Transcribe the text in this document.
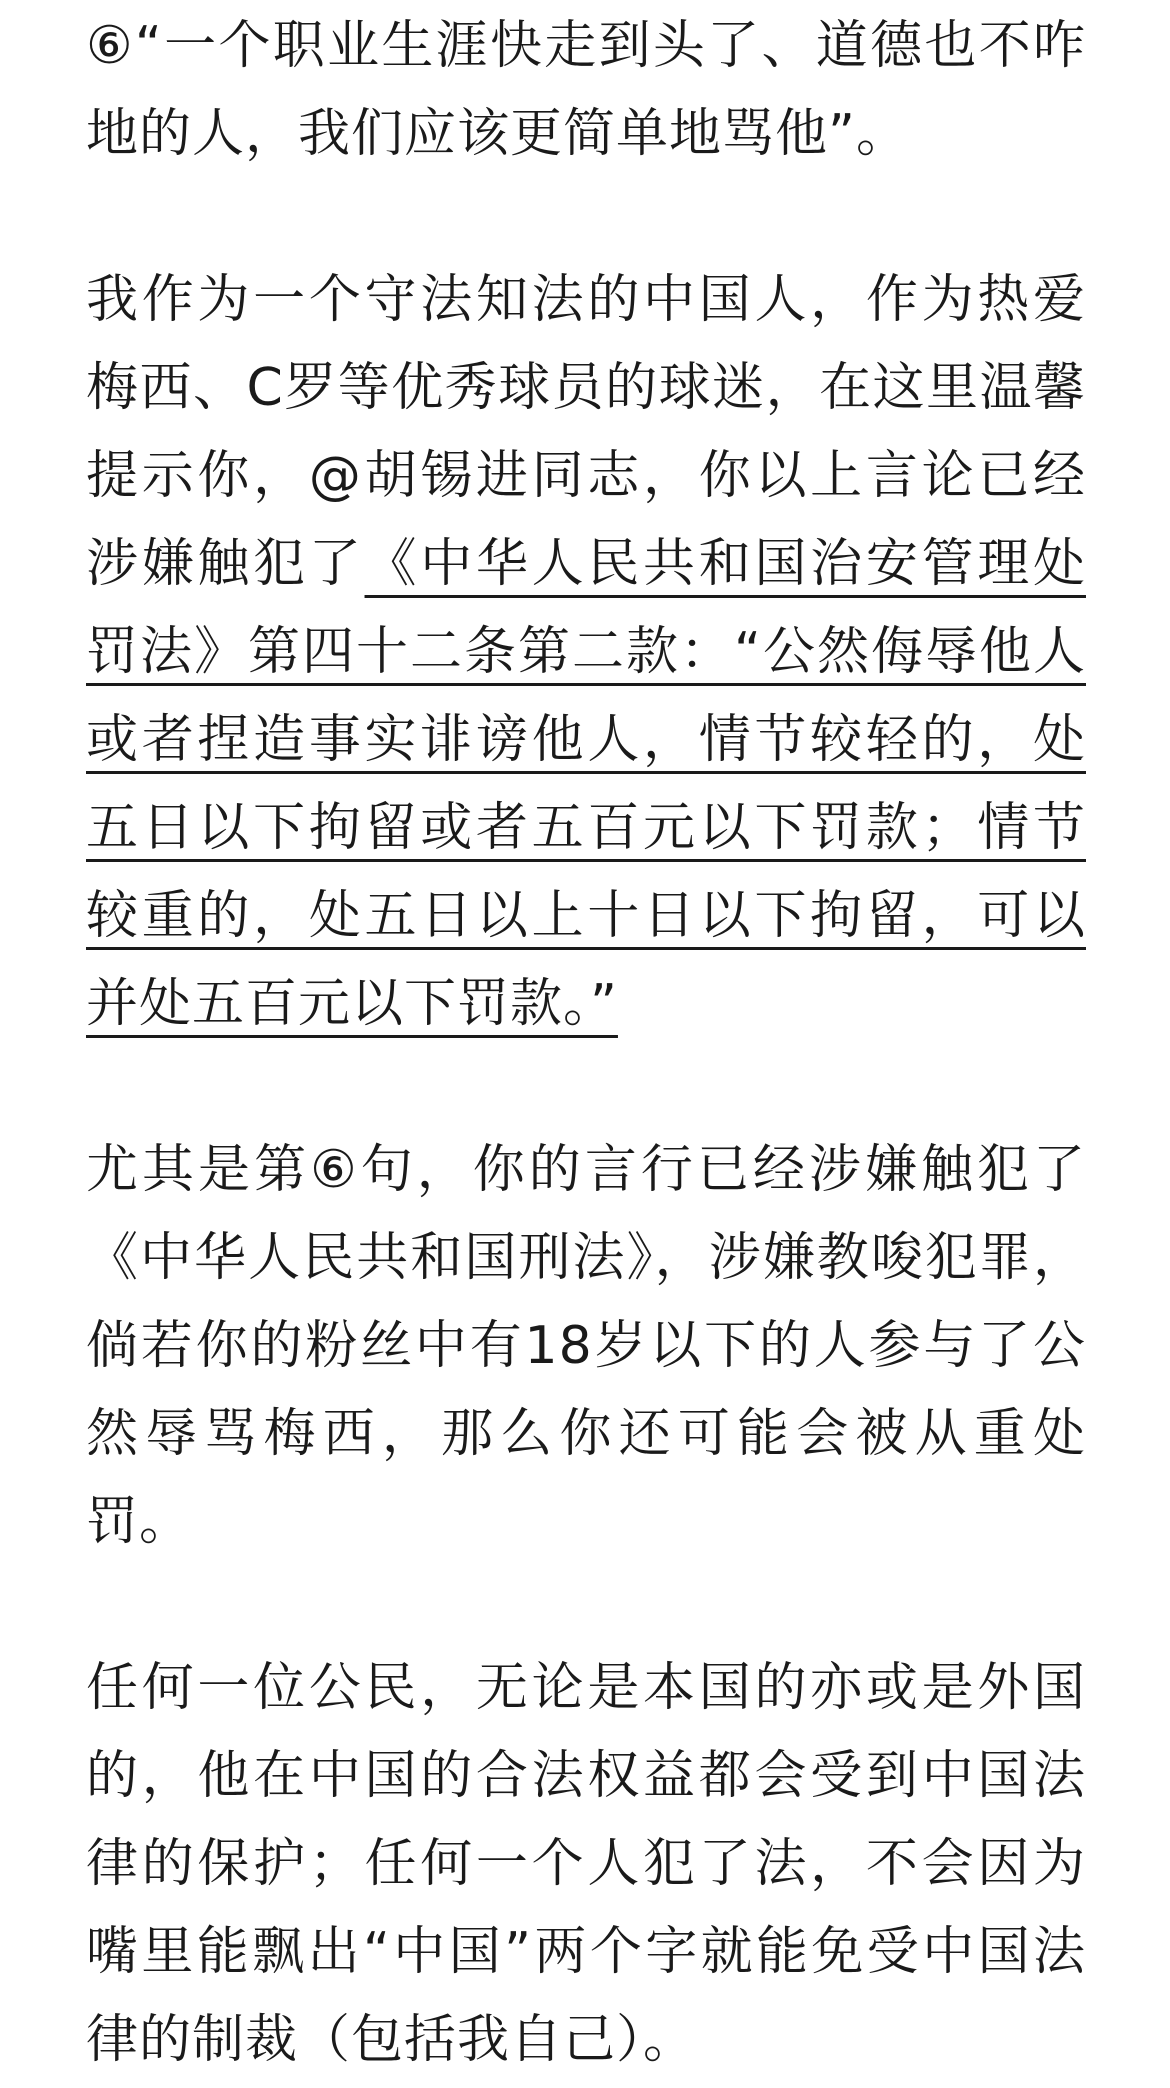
⑥“一个职业生涯快走到头了、道德也不咋地的人，我们应该更简单地骂他”。

我作为一个守法知法的中国人，作为热爱梅西、C罗等优秀球员的球迷，在这里温馨提示你，@胡锡进同志，你以上言论已经涉嫌触犯了《中华人民共和国治安管理处罚法》第四十二条第二款：“公然侮辱他人或者捏造事实诽谤他人，情节较轻的，处五日以下拘留或者五百元以下罚款；情节较重的，处五日以上十日以下拘留，可以并处五百元以下罚款。”

尤其是第⑥句，你的言行已经涉嫌触犯了《中华人民共和国刑法》，涉嫌教唆犯罪，倘若你的粉丝中有18岁以下的人参与了公然辱骂梅西，那么你还可能会被从重处罚。

任何一位公民，无论是本国的亦或是外国的，他在中国的合法权益都会受到中国法律的保护；任何一个人犯了法，不会因为嘴里能飘出“中国”两个字就能免受中国法律的制裁（包括我自己）。
